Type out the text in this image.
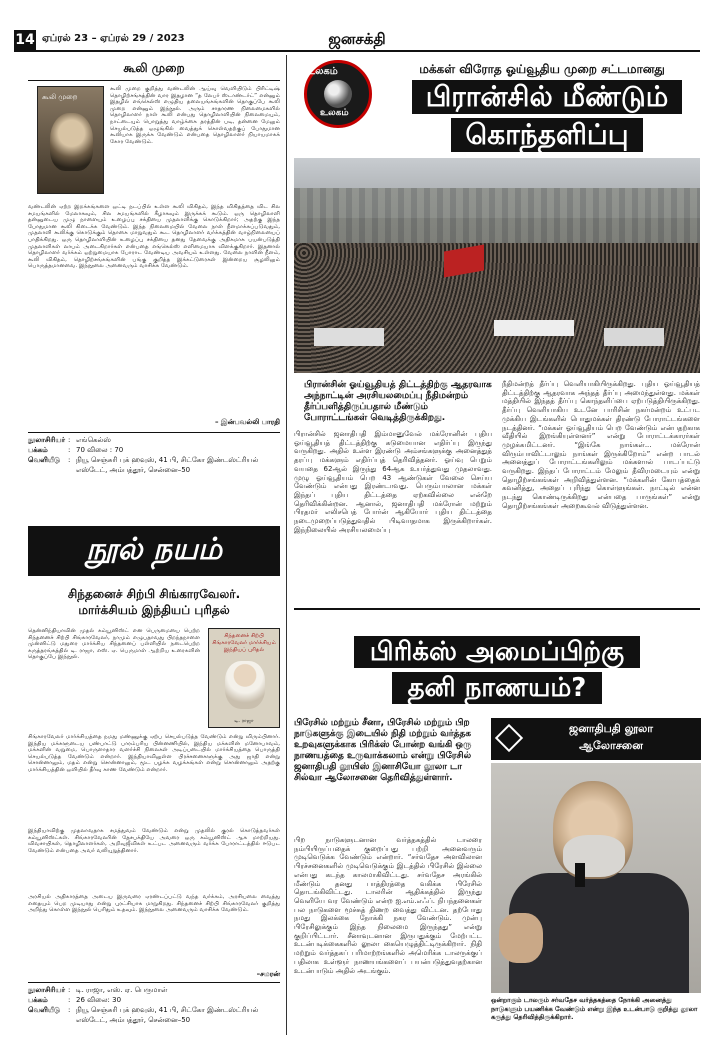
14 ஏப்ரல் 23 – ஏப்ரல் 29 / 2023	ஜனசக்தி
கூலி முறை
கூலி முறை
கூலி முறை குறித்து வண்டலின் ஆய்வு வெளியிடும் பிரிட்டிஷ் தொழிற்சங்கத்தின் வார இதழான “த லேபர் ஸ்டாண்டர்ட்” என்னும் இதழில் எங்கெல்ஸ் எழுதிய தலையங்கங்களின் தொகுப்பே கூலி முறை என்னும் இந்நூல். அரும் சாதாரண நிலைமைகளில் தொழிலாளர் நாள் கூலி என்பது தொழிலாளியின் நிலைமையும், நாட்டையும் பொறுத்து வாழ்க்கை தரத்தின் படி, தன்னை மேலும் செயல்படுத்த ஒழுங்கில் வைத்துக் கொள்வதற்குப் போதுமான கூலியாக இருக்க வேண்டும் என்பதை தொழிலாளர் நியாயமாகக் கோர வேண்டும்.
வண்டலின் ஏற்ற இறக்கங்களை ஒட்டி நடப்பில் உள்ள கூலி விகிதம், இந்த விகிதத்தை விட சில சமயங்களில் மேலாகவும், சில சமயங்களில் கீழாகவும் இருக்கக் கூடும். ஒரு தொழிலாளி தன்னுடைய முழு நாளையும் உழைப்பு சக்தியை முதலாளிக்கு கொடுக்கிறார்; அதற்கு இந்த போதுமான கூலி கிடைக்க வேண்டும். இந்த நிலைமையில் வேலை நாள் நீளமாக்கப்படுவதும், முதலாளி கூலிக்கு கொடுக்கும் தொகை மாறுவதும் கூட தொழிலாளர் வர்க்கத்தின் வாழ்நிலையைப் பாதிக்கிறது. ஒரு தொழிலாளியின் உழைப்பு சக்தியை தனது தேவைக்கு அதிகமாக பயன்படுத்தி முதலாளிகள் லாபம் அடைகிறார்கள் என்பதை எங்கெல்ஸ் எளிமையாக விளக்குகிறார். இதனால் தொழிலாளர் வர்க்கம் ஒற்றுமையாக போராட வேண்டிய அவசியம் உள்ளது. வேலை நாளின் நீளம், கூலி விகிதம், தொழிற்சங்கங்களின் பங்கு குறித்த இக்கட்டுரைகள் இன்றைய சூழலிலும் பொருத்தமானவை. இந்நூலை அனைவரும் வாசிக்க வேண்டும்.
– இன்பவல்லி பாரதி
நூலாசிரியர் : எங்கெல்ஸ்
பக்கம்	: 70 விலை : 70
வெளியீடு	: நியூ செஞ்சுரி புக் ஹவுஸ், 41 பி, சிட்கோ இண்டஸ்ட்ரியல் எஸ்டேட், அம்பத்தூர், சென்னை–50
நூல் நயம்
சிந்தனைச் சிற்பி சிங்காரவேலர்.
மார்க்சியம் இந்தியப் புரிதல்
தென்னிந்தியாவின் முதல் கம்யூனிஸ்ட் என பெருமையை பெற்ற சிந்தனைச் சிற்பி சிங்காரவேலர், நாமும் எழுபதாவது பிறந்தநாளை முன்னிட்டு மதுரை மார்க்சிய சிந்தனைப் பள்ளியில் நடைபெற்ற கருத்தரங்கத்தில் டி. ராஜா, எஸ். ஏ. பெருமாள் ஆற்றிய உரைகளின் தொகுப்பே இந்நூல்.
சிந்தனைச் சிற்பி சிங்காரவேலர் மார்க்சியம் இந்தியப் புரிதல்
டி. ராஜா
சிங்காரவேலர் மார்க்சியத்தை நமது மண்ணுக்கு ஏற்ப செயல்படுத்த வேண்டும் என்று விரும்பினார். இந்திய மக்களுடைய பண்பாட்டு பாரம்பரிய பின்னணியில், இந்திய மக்களின் மனோபாவம், மக்களின் வறுமை, பொருளாதார வளர்ச்சி நிலைகள் அடிப்படையில் மார்க்சியத்தை பொருத்தி செயல்படுத்த வேண்டும் என்றார். இந்தியாவிலுள்ள பிரச்சனைகளுக்கு அது ஜாதி என்று சொன்னாலும், மதம் என்று சொன்னாலும், மூட பழக்க வழக்கங்கள் என்று சொன்னாலும் அதற்கு மார்க்சியத்தின் ஒளியில் தீர்வு காண வேண்டும் என்றார்.
இந்தியாவிற்கு முதலாவதாக சமத்துவம் வேண்டும் என்று முதலில் குரல் கொடுத்தவர்கள் கம்யூனிஸ்ட்கள். சிங்காரவேலரின் தேசபக்தியே அவரை ஒரு கம்யூனிஸ்ட் ஆக மாற்றியது. விவசாயிகள், தொழிலாளர்கள், அறிவுஜீவிகள் உட்பட அனைவரும் வர்க்க போராட்டத்தில் ஈடுபட வேண்டும் என்பதை அவர் வலியுறுத்தினார்.
அரசியல் அதிகாரத்தை அடைய இருவரை ஏரண்டப்பட்டு வந்த வர்க்கம், அரசியலை வைத்து எதையும் பெற முடியாது என்று புரட்சியாக மாறுகிறது. சிந்தனைச் சிற்பி சிங்காரவேலர் குறித்து அறிந்து கொள்ள இந்நூல் பெரிதும் உதவும். இந்நூலை அனைவரும் வாசிக்க வேண்டும்.
–சமரன்
நூலாசிரியர் : டி. ராஜா, எஸ். ஏ. பெருமாள்
பக்கம்	: 26 விலை: 30
வெளியீடு	: நியூ செஞ்சுரி புக் ஹவுஸ், 41 பி, சிட்கோ இண்டஸ்ட்ரியல் எஸ்டேட், அம்பத்தூர், சென்னை–50
உலகம்
உலகம்
மக்கள் விரோத ஓய்வூதிய முறை சட்டமானது
பிரான்சில் மீண்டும்
கொந்தளிப்பு
பிரான்சின் ஓய்வூதியத் திட்டத்திற்கு ஆதரவாக அந்நாட்டின் அரசியலமைப்பு நீதிமன்றம் தீர்ப்பளித்திருப்பதால் மீண்டும் போராட்டங்கள் வெடித்திருக்கிறது.
பிரான்சில் ஜனாதிபதி இம்மானுவேல் மக்ரோனின் புதிய ஓய்வூதியத் திட்டத்திற்கு கடுமையான எதிர்ப்பு இருந்து வருகிறது. அதில் உள்ள இரண்டு அம்சங்களுக்கு அனைத்துத் தரப்பு மக்களும் எதிர்ப்புத் தெரிவித்தனர். ஓய்வு பெறும் வயதை 62ஆல் இருந்து 64ஆக உயர்த்துவது முதலாவது. முழு ஓய்வூதியம் பெற 43 ஆண்டுகள் வேலை செய்ய வேண்டும் என்பது இரண்டாவது. பெரும்பாலான மக்கள் இந்தப் புதிய திட்டத்தை ஏற்கவில்லை என்றே தெரிவிக்கின்றன. ஆனால், ஜனாதிபதி மக்ரோன் மற்றும் பிரதமர் எலிசபெத் போர்ன் ஆகியோர் புதிய திட்டத்தை நடைமுறைப்படுத்துவதில் பிடிவாதமாக இருக்கிறார்கள். இந்நிலையில் அரசியலமைப்பு
நீதிமன்றத் தீர்ப்பு வெளியாகியிருக்கிறது. புதிய ஓய்வூதியத் திட்டத்திற்கு ஆதரவாக அந்தத் தீர்ப்பு அமைந்துள்ளது. மக்கள் மத்தியில் இந்தத் தீர்ப்பு கொந்தளிப்பை ஏற்படுத்தியிருக்கிறது. தீர்ப்பு வெளியாகிய உடனே பாரிசின் நகர்மன்றம் உட்பட முக்கிய இடங்களில் பொதுமக்கள் திரண்டு போராட்டங்களை நடத்தினர். “மக்கள் ஓய்வூதியம் பெற வேண்டும் என்பதற்காக வீதியில் இறங்கியுள்ளனர்” என்று போராட்டக்காரர்கள் முழக்கமிட்டனர். “இங்கே நாங்கள்... மக்ரோன் விரும்பாவிட்டாலும் நாங்கள் இருக்கிறோம்” என்ற பாடல் அனைத்துப் போராட்டங்களிலும் மக்களால் பாடப்பட்டு வருகிறது. இந்தப் போராட்டம் மேலும் தீவிரமடையும் என்று தொழிற்சங்கங்கள் அறிவித்துள்ளன. “மக்களின் கோபத்தைக் கவனித்து, அதைப் புரிந்து கொள்ளுங்கள். நாட்டில் என்ன நடந்து கொண்டிருக்கிறது என்பதை பாருங்கள்” என்று தொழிற்சங்கங்கள் அறைகூவல் விடுத்துள்ளன.
பிரிக்ஸ் அமைப்பிற்கு
தனி நாணயம்?
பிரேசில் மற்றும் சீனா, பிரேசில் மற்றும் பிற நாடுகளுக்கு இடையில் நிதி மற்றும் வர்த்தக உறவுகளுக்காக பிரிக்ஸ் போன்ற வங்கி ஒரு நாணயத்தை உருவாக்கலாம் என்று பிரேசில் ஜனாதிபதி லூயிஸ் இனாசியோ லூலா டா சில்வா ஆலோசனை தெரிவித்துள்ளார்.
பிற நாடுகளுடனான வர்த்தகத்தில் டாலரை நம்பியிருப்பதைக் குறைப்பது பற்றி அனைவரும் முடிவெடுக்க வேண்டும் என்றார். “சர்வதேச அளவிலான பிரச்சனைகளில் முடிவெடுக்கும் இடத்தில் பிரேசில் இல்லை என்பது கடந்த காலமாகிவிட்டது. சர்வதேச அரங்கில் மீண்டும் தனது பாத்திரத்தை வகிக்க பிரேசில் தொடங்கிவிட்டது. டாலரின் ஆதிக்கத்தில் இருந்து வெளியே வர வேண்டும் என்ற ஐ.எம்.எஃப். நிபந்தனைகள் பல நாடுகளை மூச்சுத் திணற வைத்து விட்டன. தற்போது நமது இலக்கை நோக்கி நகர வேண்டும். முன்பு பிரேசிலுக்கும் இந்த நிலைமை இருந்தது” என்று குறிப்பிட்டார். சீனாவுடனான இருபதுக்கும் மேற்பட்ட உடன்படிக்கைகளில் லூலா கையெழுத்திட்டிருக்கிறார். நிதி மற்றும் வர்த்தகப் பரிமாற்றங்களில் அமெரிக்க டாலருக்குப் பதிலாக உள்ளூர் நாணயங்களைப் பயன்படுத்துவதற்கான உடன்பாடும் அதில் அடங்கும்.
ஜனாதிபதி லூலா
ஆலோசனை
ஒன்றாகும் டாலரும் சர்வதேச வர்த்தகத்தை நோக்கி அனைத்து நாடுகளும் பயணிக்க வேண்டும் என்று இந்த உடன்பாடு குறித்து லூலா கருத்து தெரிவித்திருக்கிறார்.
